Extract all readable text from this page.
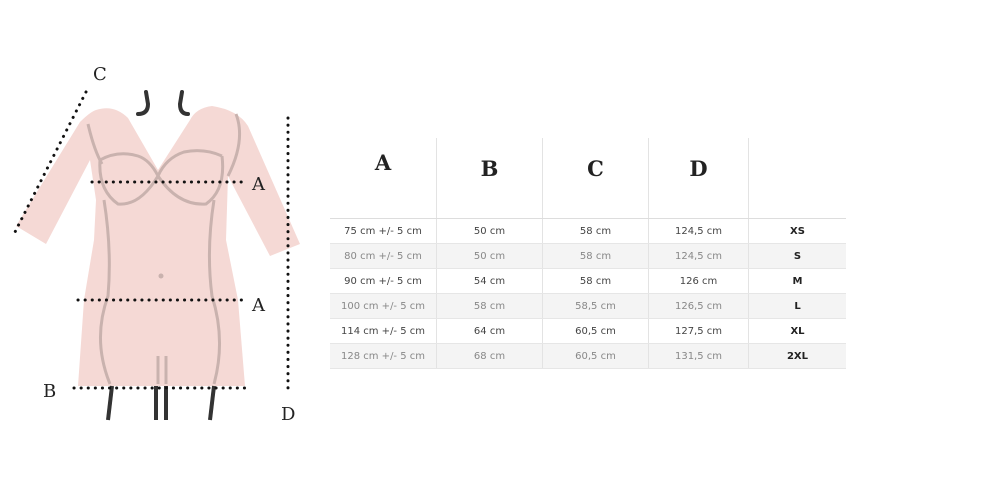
C
A
A
B
D
A	B	C	D
75 cm +/- 5 cm	50 cm	58 cm	124,5 cm	XS
80 cm +/- 5 cm	50 cm	58 cm	124,5 cm	S
90 cm +/- 5 cm	54 cm	58 cm	126 cm	M
100 cm +/- 5 cm	58 cm	58,5 cm	126,5 cm	L
114 cm +/- 5 cm	64 cm	60,5 cm	127,5 cm	XL
128 cm +/- 5 cm	68 cm	60,5 cm	131,5 cm	2XL
